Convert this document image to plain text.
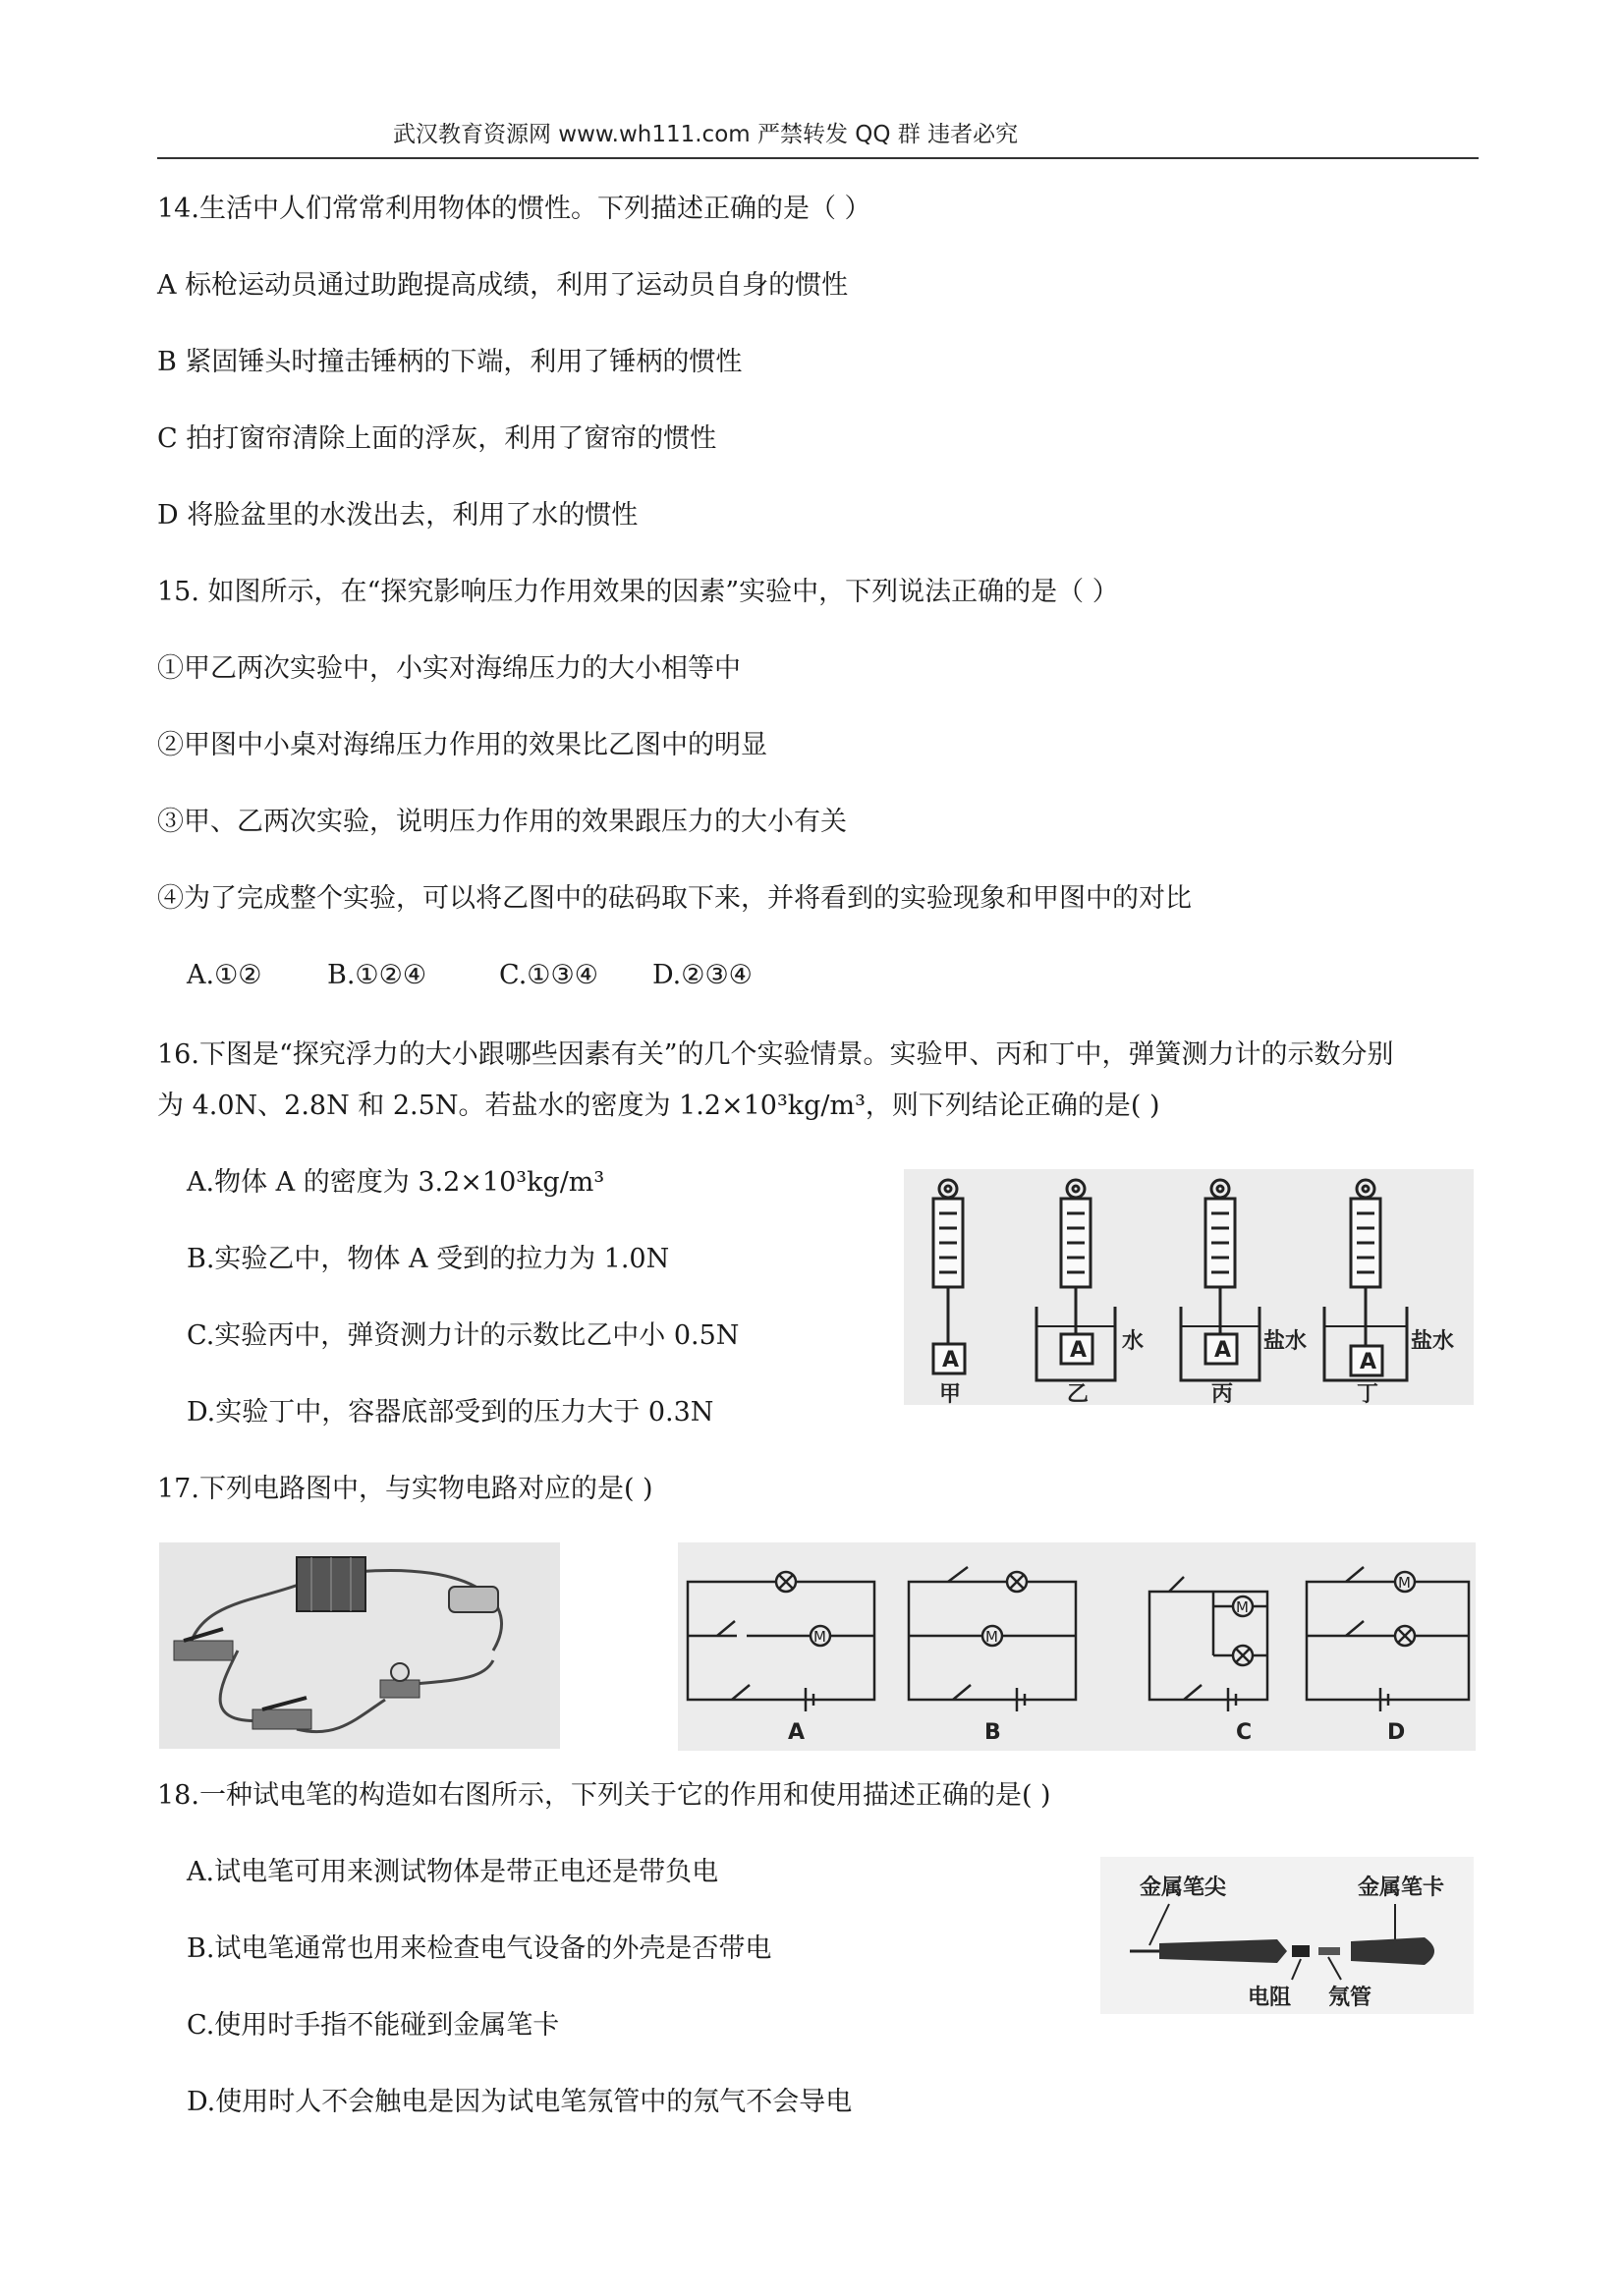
武汉教育资源网 www.wh111.com 严禁转发 QQ 群 违者必究
14.生活中人们常常利用物体的惯性。下列描述正确的是（ ）
A 标枪运动员通过助跑提高成绩，利用了运动员自身的惯性
B 紧固锤头时撞击锤柄的下端，利用了锤柄的惯性
C 拍打窗帘清除上面的浮灰，利用了窗帘的惯性
D 将脸盆里的水泼出去，利用了水的惯性
15. 如图所示，在“探究影响压力作用效果的因素”实验中，下列说法正确的是（ ）
①甲乙两次实验中，小实对海绵压力的大小相等中
②甲图中小桌对海绵压力作用的效果比乙图中的明显
③甲、乙两次实验，说明压力作用的效果跟压力的大小有关
④为了完成整个实验，可以将乙图中的砝码取下来，并将看到的实验现象和甲图中的对比
A.①② B.①②④	C.①③④ D.②③④
16.下图是“探究浮力的大小跟哪些因素有关”的几个实验情景。实验甲、丙和丁中，弹簧测力计的示数分别
为 4.0N、2.8N 和 2.5N。若盐水的密度为 1.2×10³kg/m³，则下列结论正确的是( )
A.物体 A 的密度为 3.2×10³kg/m³
B.实验乙中，物体 A 受到的拉力为 1.0N
C.实验丙中，弹资测力计的示数比乙中小 0.5N
D.实验丁中，容器底部受到的压力大于 0.3N
A	A	A	A
水	盐水	盐水
甲	乙	丙	丁
17.下列电路图中，与实物电路对应的是( )
M	M
M
M
A	B	C	D
18.一种试电笔的构造如右图所示，下列关于它的作用和使用描述正确的是( )
A.试电笔可用来测试物体是带正电还是带负电
B.试电笔通常也用来检查电气设备的外壳是否带电
C.使用时手指不能碰到金属笔卡
D.使用时人不会触电是因为试电笔氖管中的氖气不会导电
金属笔尖	金属笔卡
电阻 氖管
